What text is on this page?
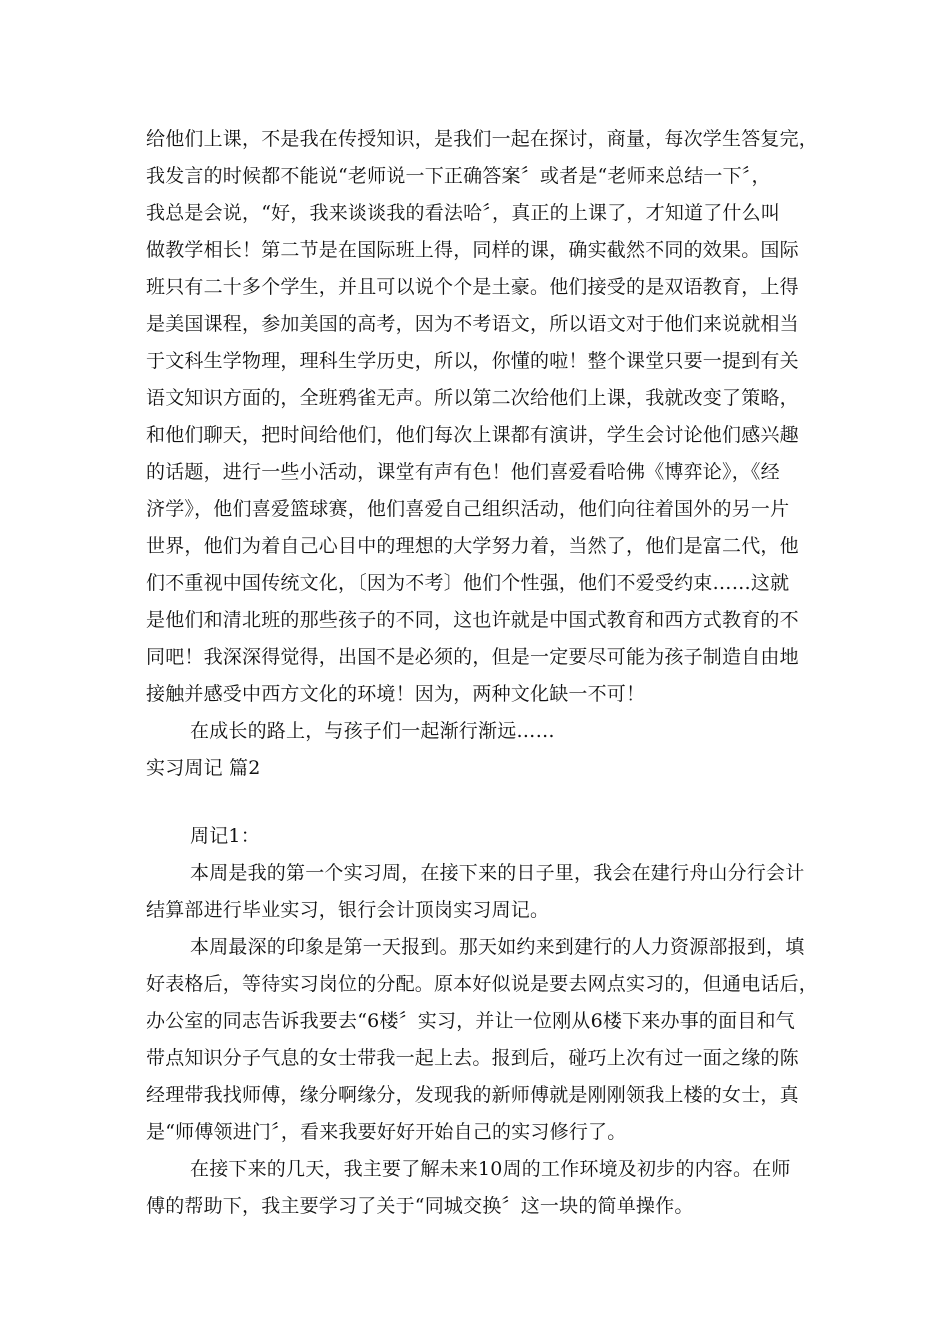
给他们上课，不是我在传授知识，是我们一起在探讨，商量，每次学生答复完，
我发言的时候都不能说“老师说一下正确答案〞或者是“老师来总结一下〞，
我总是会说，“好，我来谈谈我的看法哈〞，真正的上课了，才知道了什么叫
做教学相长！第二节是在国际班上得，同样的课，确实截然不同的效果。国际
班只有二十多个学生，并且可以说个个是土豪。他们接受的是双语教育，上得
是美国课程，参加美国的高考，因为不考语文，所以语文对于他们来说就相当
于文科生学物理，理科生学历史，所以，你懂的啦！整个课堂只要一提到有关
语文知识方面的，全班鸦雀无声。所以第二次给他们上课，我就改变了策略，
和他们聊天，把时间给他们，他们每次上课都有演讲，学生会讨论他们感兴趣
的话题，进行一些小活动，课堂有声有色！他们喜爱看哈佛《博弈论》，《经
济学》，他们喜爱篮球赛，他们喜爱自己组织活动，他们向往着国外的另一片
世界，他们为着自己心目中的理想的大学努力着，当然了，他们是富二代，他
们不重视中国传统文化，〔因为不考〕他们个性强，他们不爱受约束……这就
是他们和清北班的那些孩子的不同，这也许就是中国式教育和西方式教育的不
同吧！我深深得觉得，出国不是必须的，但是一定要尽可能为孩子制造自由地
接触并感受中西方文化的环境！因为，两种文化缺一不可！
在成长的路上，与孩子们一起渐行渐远……
实习周记 篇2
周记1：
本周是我的第一个实习周，在接下来的日子里，我会在建行舟山分行会计
结算部进行毕业实习，银行会计顶岗实习周记。
本周最深的印象是第一天报到。那天如约来到建行的人力资源部报到，填
好表格后，等待实习岗位的分配。原本好似说是要去网点实习的，但通电话后，
办公室的同志告诉我要去“6楼〞实习，并让一位刚从6楼下来办事的面目和气
带点知识分子气息的女士带我一起上去。报到后，碰巧上次有过一面之缘的陈
经理带我找师傅，缘分啊缘分，发现我的新师傅就是刚刚领我上楼的女士，真
是“师傅领进门〞，看来我要好好开始自己的实习修行了。
在接下来的几天，我主要了解未来10周的工作环境及初步的内容。在师
傅的帮助下，我主要学习了关于“同城交换〞这一块的简单操作。
